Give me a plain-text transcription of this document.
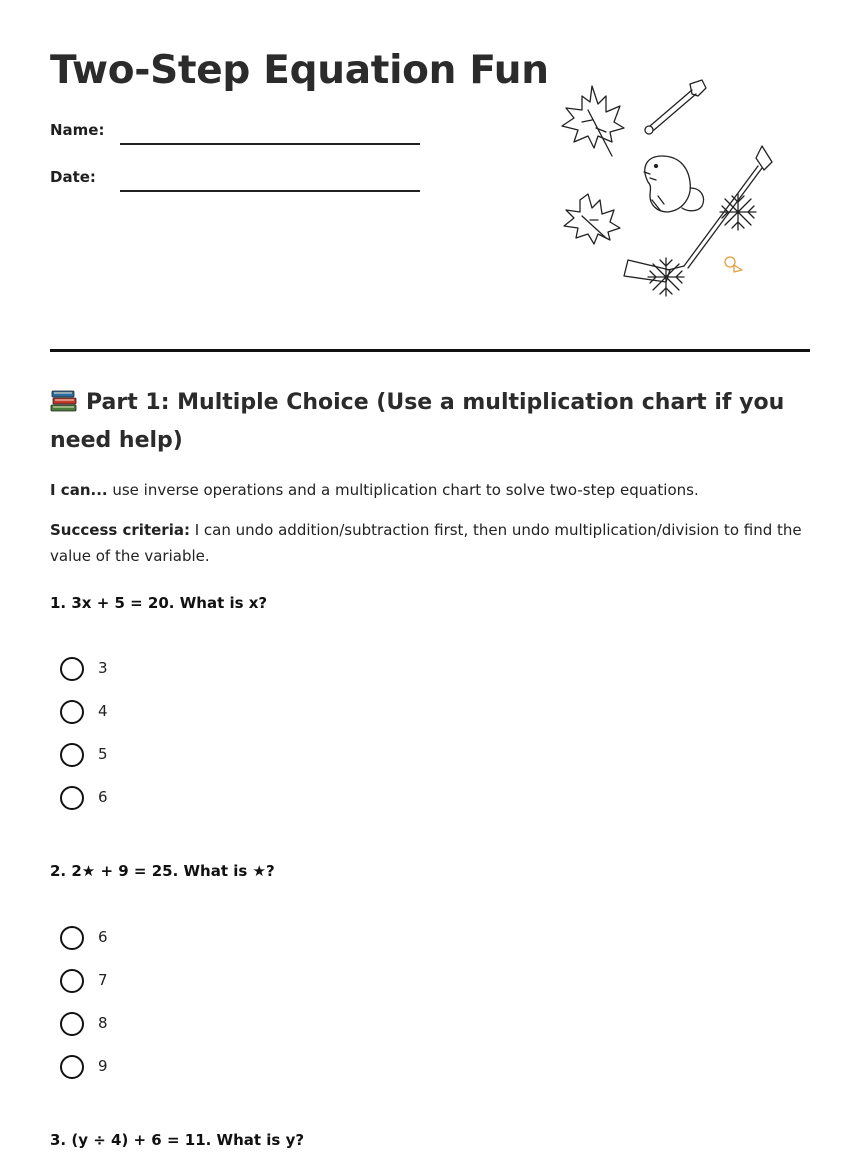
Two-Step Equation Fun
Name:
Date:
Part 1: Multiple Choice (Use a multiplication chart if you need help)

I can... use inverse operations and a multiplication chart to solve two-step equations.

Success criteria: I can undo addition/subtraction first, then undo multiplication/division to find the value of the variable.

1. 3x + 5 = 20. What is x?

3
4
5
6

2. 2★ + 9 = 25. What is ★?

6
7
8
9

3. (y ÷ 4) + 6 = 11. What is y?
